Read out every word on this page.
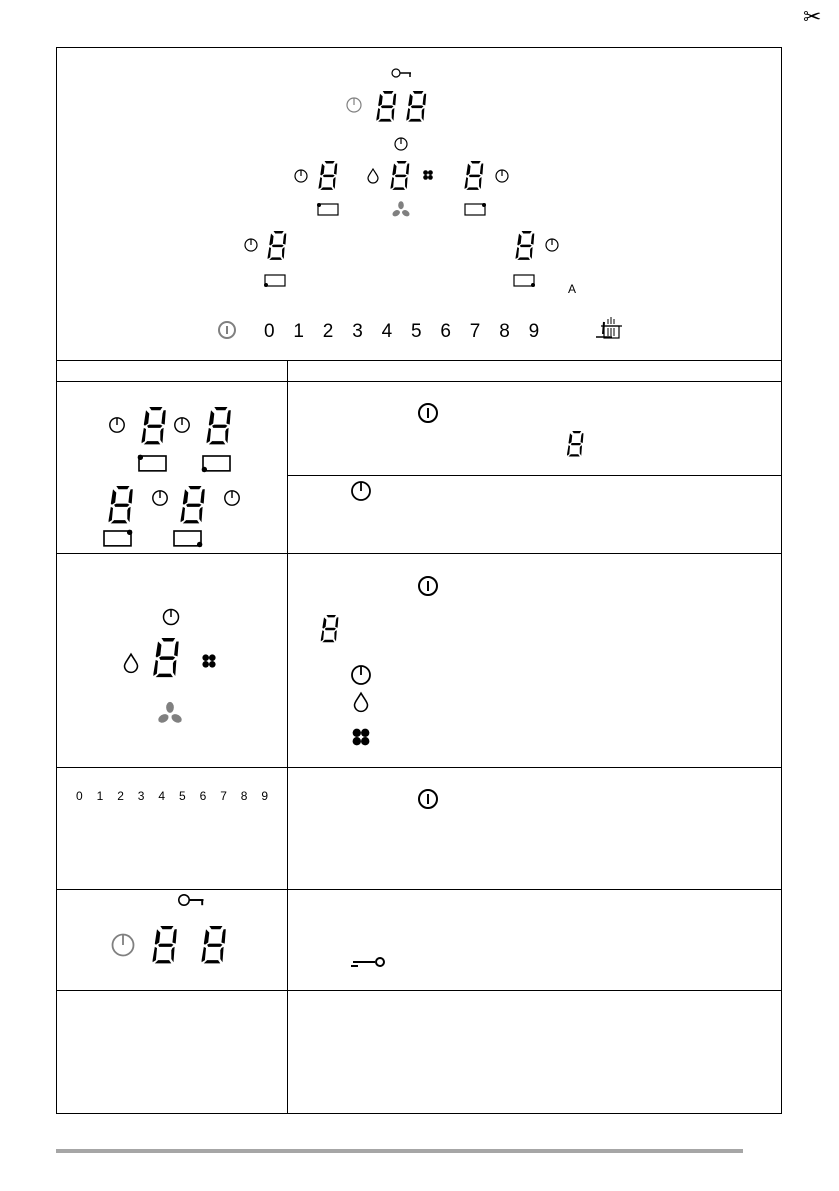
✂
A
0 1 2 3 4 5 6 7 8 9
0 1 2 3 4 5 6 7 8 9
